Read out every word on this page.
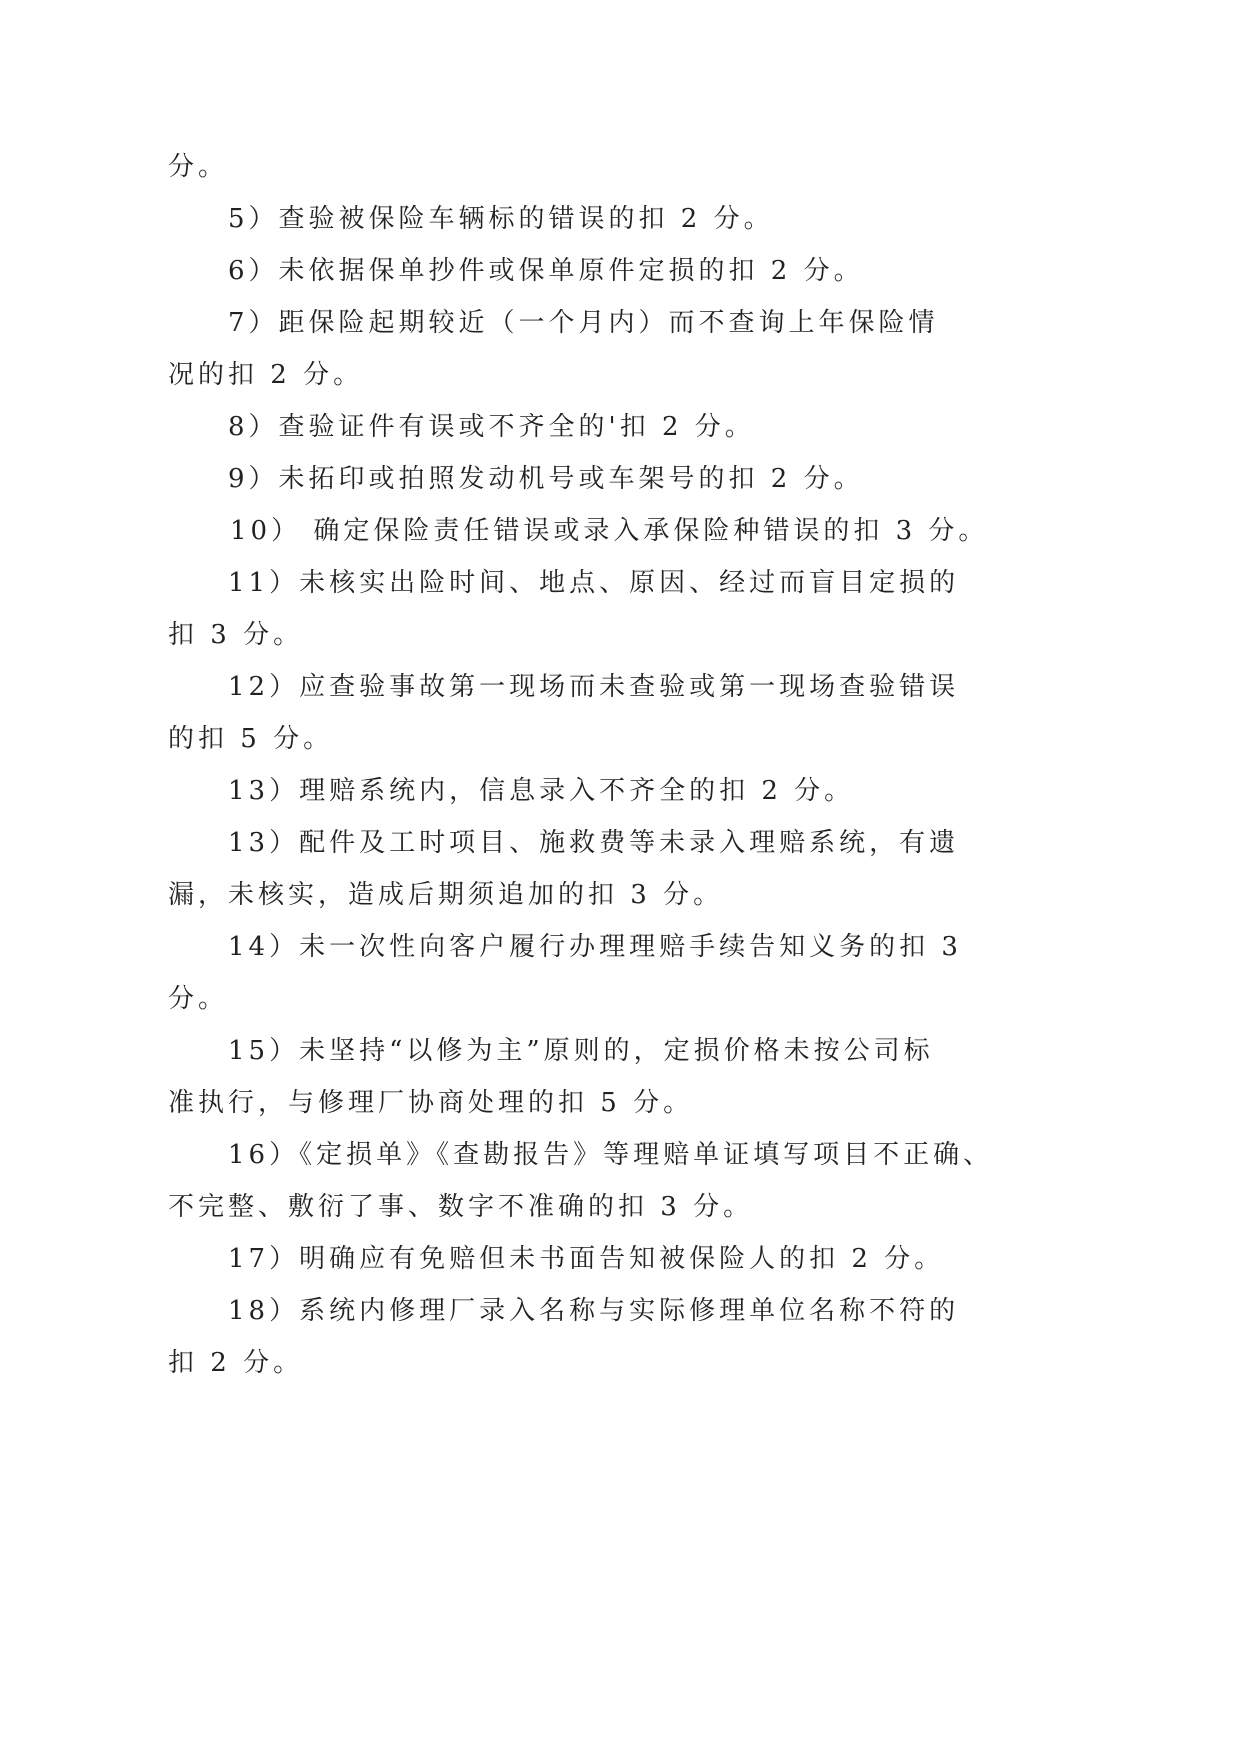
分。
5）查验被保险车辆标的错误的扣 2 分。
6）未依据保单抄件或保单原件定损的扣 2 分。
7）距保险起期较近（一个月内）而不查询上年保险情
况的扣 2 分。
8）查验证件有误或不齐全的'扣 2 分。
9）未拓印或拍照发动机号或车架号的扣 2 分。
10） 确定保险责任错误或录入承保险种错误的扣 3 分。
11）未核实出险时间、地点、原因、经过而盲目定损的
扣 3 分。
12）应查验事故第一现场而未查验或第一现场查验错误
的扣 5 分。
13）理赔系统内，信息录入不齐全的扣 2 分。
13）配件及工时项目、施救费等未录入理赔系统，有遗
漏，未核实，造成后期须追加的扣 3 分。
14）未一次性向客户履行办理理赔手续告知义务的扣 3
分。
15）未坚持“以修为主”原则的，定损价格未按公司标
准执行，与修理厂协商处理的扣 5 分。
16）《定损单》《查勘报告》等理赔单证填写项目不正确、
不完整、敷衍了事、数字不准确的扣 3 分。
17）明确应有免赔但未书面告知被保险人的扣 2 分。
18）系统内修理厂录入名称与实际修理单位名称不符的
扣 2 分。
